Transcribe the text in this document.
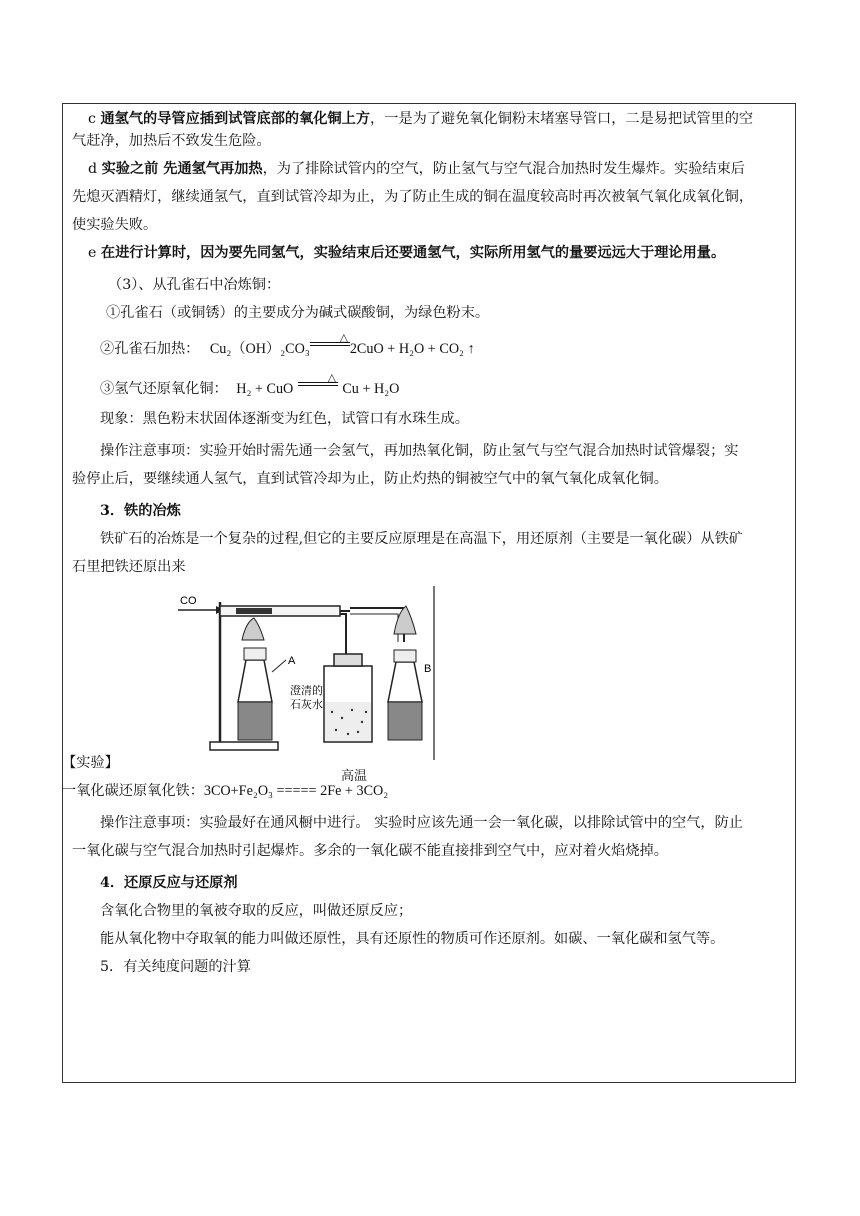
c 通氢气的导管应插到试管底部的氧化铜上方，一是为了避免氧化铜粉末堵塞导管口，二是易把试管里的空

气赶净，加热后不致发生危险。

d 实验之前 先通氢气再加热，为了排除试管内的空气，防止氢气与空气混合加热时发生爆炸。实验结束后

先熄灭酒精灯，继续通氢气，直到试管冷却为止，为了防止生成的铜在温度较高时再次被氧气氧化成氧化铜，

使实验失败。

e 在进行计算时，因为要先同氢气，实验结束后还要通氢气，实际所用氢气的量要远远大于理论用量。

（3）、从孔雀石中冶炼铜：

①孔雀石（或铜锈）的主要成分为碱式碳酸铜，为绿色粉末。

②孔雀石加热： Cu₂（OH）₂CO₃
△
2CuO + H₂O + CO₂ ↑

③氢气还原氧化铜： H₂ + CuO
△
Cu + H₂O

现象：黑色粉末状固体逐渐变为红色，试管口有水珠生成。

操作注意事项：实验开始时需先通一会氢气，再加热氧化铜，防止氢气与空气混合加热时试管爆裂；实

验停止后，要继续通人氢气，直到试管冷却为止，防止灼热的铜被空气中的氧气氧化成氧化铜。

3．铁的冶炼

铁矿石的冶炼是一个复杂的过程,但它的主要反应原理是在高温下，用还原剂（主要是一氧化碳）从铁矿

石里把铁还原出来

CO
澄清的
石灰水
A
B
【实验】
高温
一氧化碳还原氧化铁：3CO+Fe₂O₃ ===== 2Fe + 3CO₂

操作注意事项：实验最好在通风橱中进行。 实验时应该先通一会一氧化碳，以排除试管中的空气，防止

一氧化碳与空气混合加热时引起爆炸。多余的一氧化碳不能直接排到空气中，应对着火焰烧掉。

4．还原反应与还原剂

含氧化合物里的氧被夺取的反应，叫做还原反应；

能从氧化物中夺取氧的能力叫做还原性，具有还原性的物质可作还原剂。如碳、一氧化碳和氢气等。

5．有关纯度问题的汁算
